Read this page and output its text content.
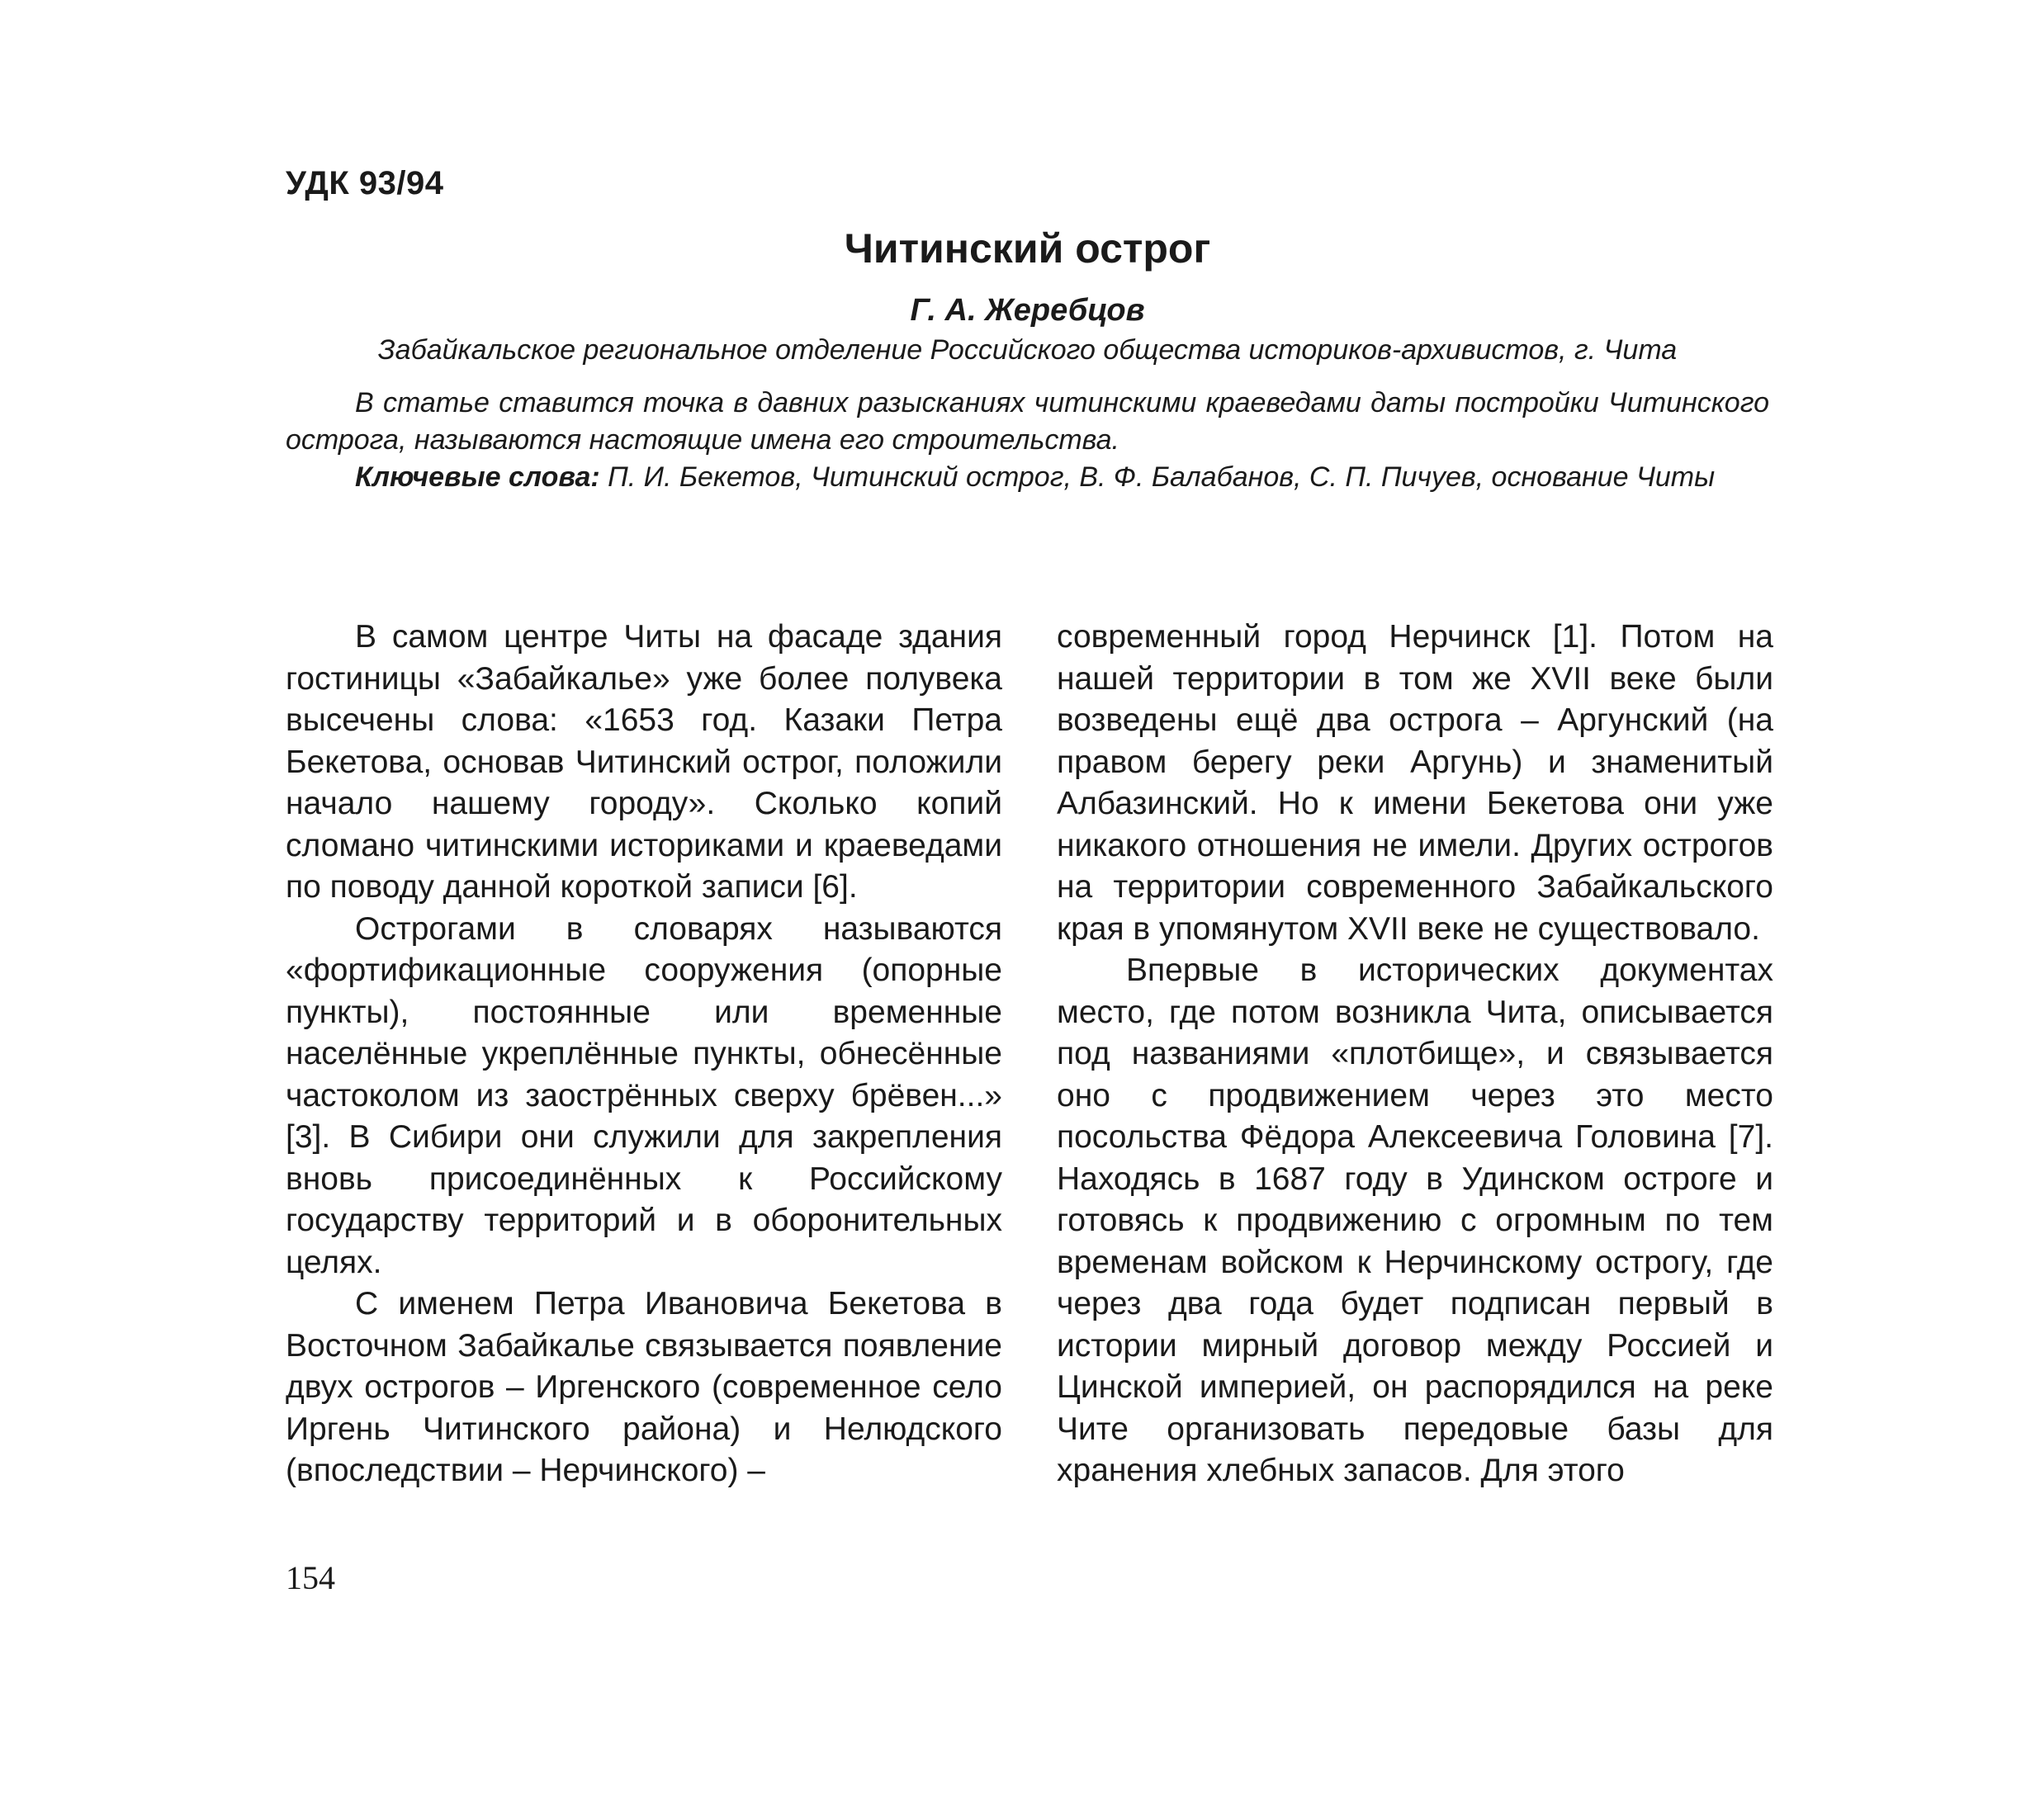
УДК 93/94
Читинский острог
Г. А. Жеребцов
Забайкальское региональное отделение Российского общества историков-архивистов, г. Чита

В статье ставится точка в давних разысканиях читинскими краеведами даты постройки Читинского острога, называются настоящие имена его строительства.

Ключевые слова: П. И. Бекетов, Читинский острог, В. Ф. Балабанов, С. П. Пичуев, основание Читы

В самом центре Читы на фасаде здания гостиницы «Забайкалье» уже более полувека высечены слова: «1653 год. Казаки Петра Бекетова, основав Читинский острог, положили начало нашему городу». Сколько копий сломано читинскими историками и краеведами по поводу данной короткой записи [6].

Острогами в словарях называются «фортификационные сооружения (опорные пункты), постоянные или временные населённые укреплённые пункты, обнесённые частоколом из заострённых сверху брёвен...» [3]. В Сибири они служили для закрепления вновь присоединённых к Российскому государству территорий и в оборонительных целях.

С именем Петра Ивановича Бекетова в Восточном Забайкалье связывается появление двух острогов – Иргенского (современное село Иргень Читинского района) и Нелюдского (впоследствии – Нерчинского) –

современный город Нерчинск [1]. Потом на нашей территории в том же XVII веке были возведены ещё два острога – Аргунский (на правом берегу реки Аргунь) и знаменитый Албазинский. Но к имени Бекетова они уже никакого отношения не имели. Других острогов на территории современного Забайкальского края в упомянутом XVII веке не существовало.

Впервые в исторических документах место, где потом возникла Чита, описывается под названиями «плотбище», и связывается оно с продвижением через это место посольства Фёдора Алексеевича Головина [7]. Находясь в 1687 году в Удинском остроге и готовясь к продвижению с огромным по тем временам войском к Нерчинскому острогу, где через два года будет подписан первый в истории мирный договор между Россией и Цинской империей, он распорядился на реке Чите организовать передовые базы для хранения хлебных запасов. Для этого

154
